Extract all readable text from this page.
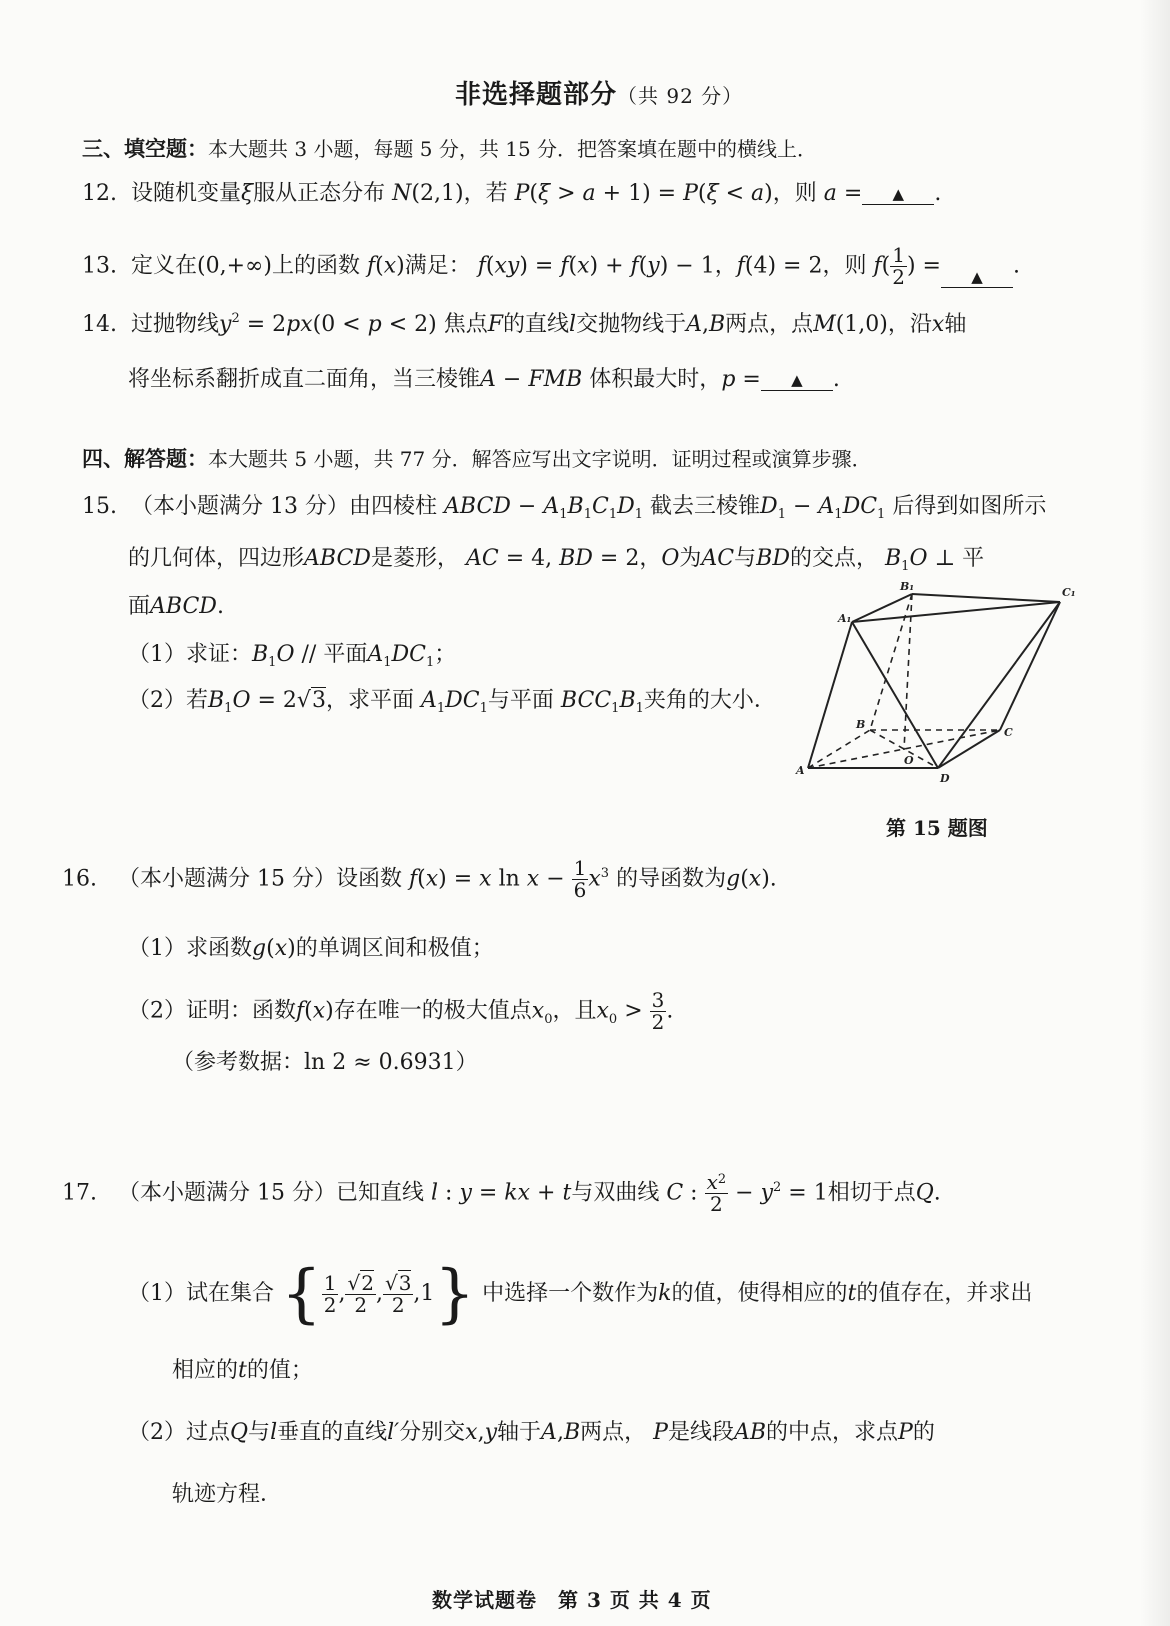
非选择题部分（共 92 分）
三、填空题：本大题共 3 小题，每题 5 分，共 15 分．把答案填在题中的横线上．
12. 设随机变量ξ服从正态分布 N(2,1)，若 P(ξ > a + 1) = P(ξ < a)，则 a = ▲ .
13. 定义在(0,+∞)上的函数 f(x)满足： f(xy) = f(x) + f(y) − 1，f(4) = 2，则 $f( \frac{1}{2}$ ) = ▲ .
14. 过抛物线$y^2 = 2px(0 < p < 2)$ 焦点F的直线l交抛物线于A,B两点，点M(1,0)，沿x轴
将坐标系翻折成直二面角，当三棱锥A − FMB 体积最大时，p = ▲ .
四、解答题：本大题共 5 小题，共 77 分．解答应写出文字说明．证明过程或演算步骤．
15. （本小题满分 13 分）由四棱柱 ABCD − $A_1B_1C_1D_1$ 截去三棱锥$D_1 - A_1DC_1$ 后得到如图所示
的几何体，四边形ABCD是菱形， AC = 4, BD = 2，O为AC与BD的交点， $B_1O$ ⊥ 平
面ABCD.
（1）求证：$B_1O$ // 平面$A_1DC_1$；
（2）若$B_1O = 2√3$，求平面 $A_1DC_1$与平面 $BCC_1B_1$夹角的大小．
B₁	C₁
A₁
B
C
O
A
D
第 15 题图
16. （本小题满分 15 分）设函数 f(x) = x $\ln x - \frac{1}{6} x^3$ 的导函数为g(x).
（1）求函数g(x)的单调区间和极值；
（2）证明：函数f(x)存在唯一的极大值点$x_0$，且$x_0 > \frac{3}{2}$ .
（参考数据：ln 2 ≈ 0.6931）
17. （本小题满分 15 分）已知直线 l : y = kx + t与双曲线 C : $\frac{x^2}{2} - y^2 = 1$相切于点Q.
（1）试在集合 { $\frac{1}{2}$ , $\frac{√2}{2}$ , $\frac{√3}{2} ,1$} 中选择一个数作为k的值，使得相应的t的值存在，并求出
相应的t的值；
（2）过点Q与l垂直的直线l′分别交x,y轴于A,B两点， P是线段AB的中点，求点P的
轨迹方程．
数学试题卷　第 3 页 共 4 页
